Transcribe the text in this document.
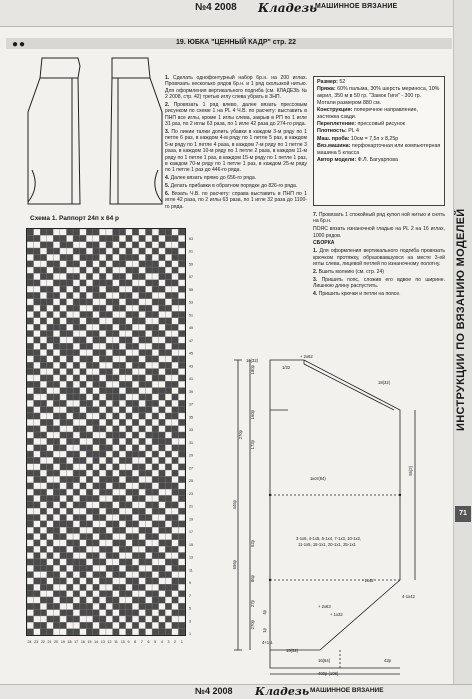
№4 2008 Кладезь
МАШИННОЕ ВЯЗАНИЕ
●●	19. ЮБКА "ЦЕННЫЙ КАДР" стр. 22

1. Сделать однофонтурный набор 6р.н. на 200 иглах. Провязать несколько рядов 6р.н. и 1 ряд скользкой нитью. Для оформления вертикального подгиба (см. КЛАДЕЗЬ № 2 2008, стр. 42) третью иглу слева убрать в ЗНП.

2. Провязать 1 ряд влево, далее вязать прессовым рисунком по схеме 1 на PL 4 Ч.В. по расчету: выставить в ПНП все иглы, кроме 1 иглы слева, закрыв в РП по 1 игле 31 раз, по 2 иглы 63 раза, по 1 игле 42 раза до 274-го ряда.

3. По линии талии допить убавки в каждом 3-м ряду по 1 петле 6 раз, в каждом 4-м ряду по 1 петле 5 раз, в каждом 5-м ряду по 1 петле 4 раза, в каждом 7-м ряду по 1 петле 3 раза, в каждом 10-м ряду по 1 петле 2 раза, в каждом 11-м ряду по 1 петле 1 раз, в каждом 15-м ряду по 1 петле 1 раз, в каждом 70-м ряду по 1 петле 1 раз, в каждом 25-м ряду по 1 петле 1 раз до 446-го ряда.

4. Далее вязать прямо до 656-го ряда.

5. Делать прибавки в обратном порядке до 826-го ряда.

6. Вязать Ч.В. по расчету: справа выставить в ПНП по 1 игле 42 раза, по 2 иглы 63 раза, по 1 игле 32 раза до 1100-го ряда.

Размер: 52

Пряжа: 60% пальма, 30% шерсть мериноса, 10% акрил, 350 м в 50 гр. "Замок Гиги" - 300 гр. Мотали размером 880 см.

Конструкция: поперечное направление, застежка сзади.

Переплетение: прессовый рисунок

Плотность: PL 4

Маш. проба: 10см = 7,5п x 8,25р

Вяз.машина: перфокарточная или компьютерная машина 5 класса

Автор модели: Ф.Л. Багуарпова

7. Провязать 1 спокойный ряд купол ной нитью и снять на 6р.н.

ПОЯС вязать изнаночной гладью на PL 2 на 16 иглах, 1000 рядов.

СБОРКА

1. Для оформления вертикального подгиба провязать крючком протяжку, образовавшуюся на месте 3-ей иглы слева, лицевой петлей по изнаночному полотну.

2. Вшить молнию (см. стр. 24)

3. Пришить пояс, сложив его вдвое по ширине. Лишнюю длину распустить.

4. Пришить крючки и петли на поясе.

Схема 1. Раппорт 24п х 64 р
1
3
5
7
9
11
13
15
17
19
21
23
25
27
29
31
33
35
37
39
41
43
45
47
49
51
53
55
57
59
61
63
1
2
3
4
5
6
7
8
9
10
11
12
13
14
15
16
17
18
19
20
21
22
23
24
+ 2x62
16(32)
1/32
180р
270р
1кот(64)
160р
172р
446р
656р
52р
18(32)
55(2)
86р
27р
3-1x6, 4-1x5, 5-1x4, 7-1x3, 10-1x2,
11-1x5, 15-1x1, 20-1x1, 25-1x1
- 1x42
4-1x42
+ 2x63
+ 1x32
16(64)	42р
15(32)
4р
1р
270р
400р (108)
4+1.1
ИНСТРУКЦИИ ПО ВЯЗАНИЮ МОДЕЛЕЙ
71
№4 2008 Кладезь МАШИННОЕ ВЯЗАНИЕ
